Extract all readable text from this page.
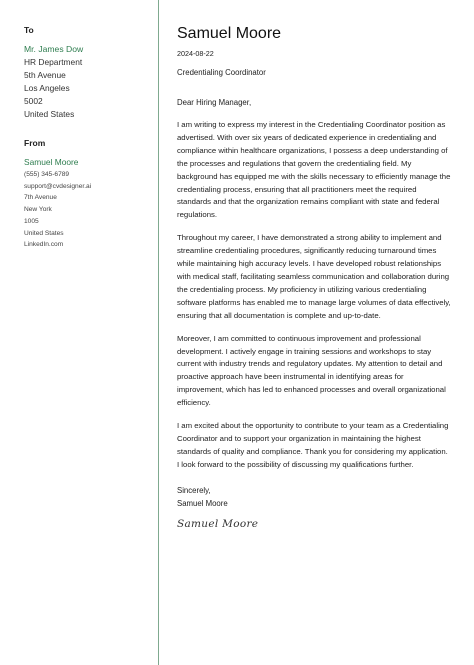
To
Mr. James Dow
HR Department
5th Avenue
Los Angeles
5002
United States
From
Samuel Moore
(555) 345-6789
support@cvdesigner.ai
7th Avenue
New York
1005
United States
LinkedIn.com
Samuel Moore
2024-08-22
Credentialing Coordinator
Dear Hiring Manager,

I am writing to express my interest in the Credentialing Coordinator position as advertised. With over six years of dedicated experience in credentialing and compliance within healthcare organizations, I possess a deep understanding of the processes and regulations that govern the credentialing field. My background has equipped me with the skills necessary to efficiently manage the credentialing process, ensuring that all practitioners meet the required standards and that the organization remains compliant with state and federal regulations.

Throughout my career, I have demonstrated a strong ability to implement and streamline credentialing procedures, significantly reducing turnaround times while maintaining high accuracy levels. I have developed robust relationships with medical staff, facilitating seamless communication and collaboration during the credentialing process. My proficiency in utilizing various credentialing software platforms has enabled me to manage large volumes of data effectively, ensuring that all documentation is complete and up-to-date.

Moreover, I am committed to continuous improvement and professional development. I actively engage in training sessions and workshops to stay current with industry trends and regulatory updates. My attention to detail and proactive approach have been instrumental in identifying areas for improvement, which has led to enhanced processes and overall organizational efficiency.

I am excited about the opportunity to contribute to your team as a Credentialing Coordinator and to support your organization in maintaining the highest standards of quality and compliance. Thank you for considering my application. I look forward to the possibility of discussing my qualifications further.

Sincerely,
Samuel Moore
Samuel Moore
